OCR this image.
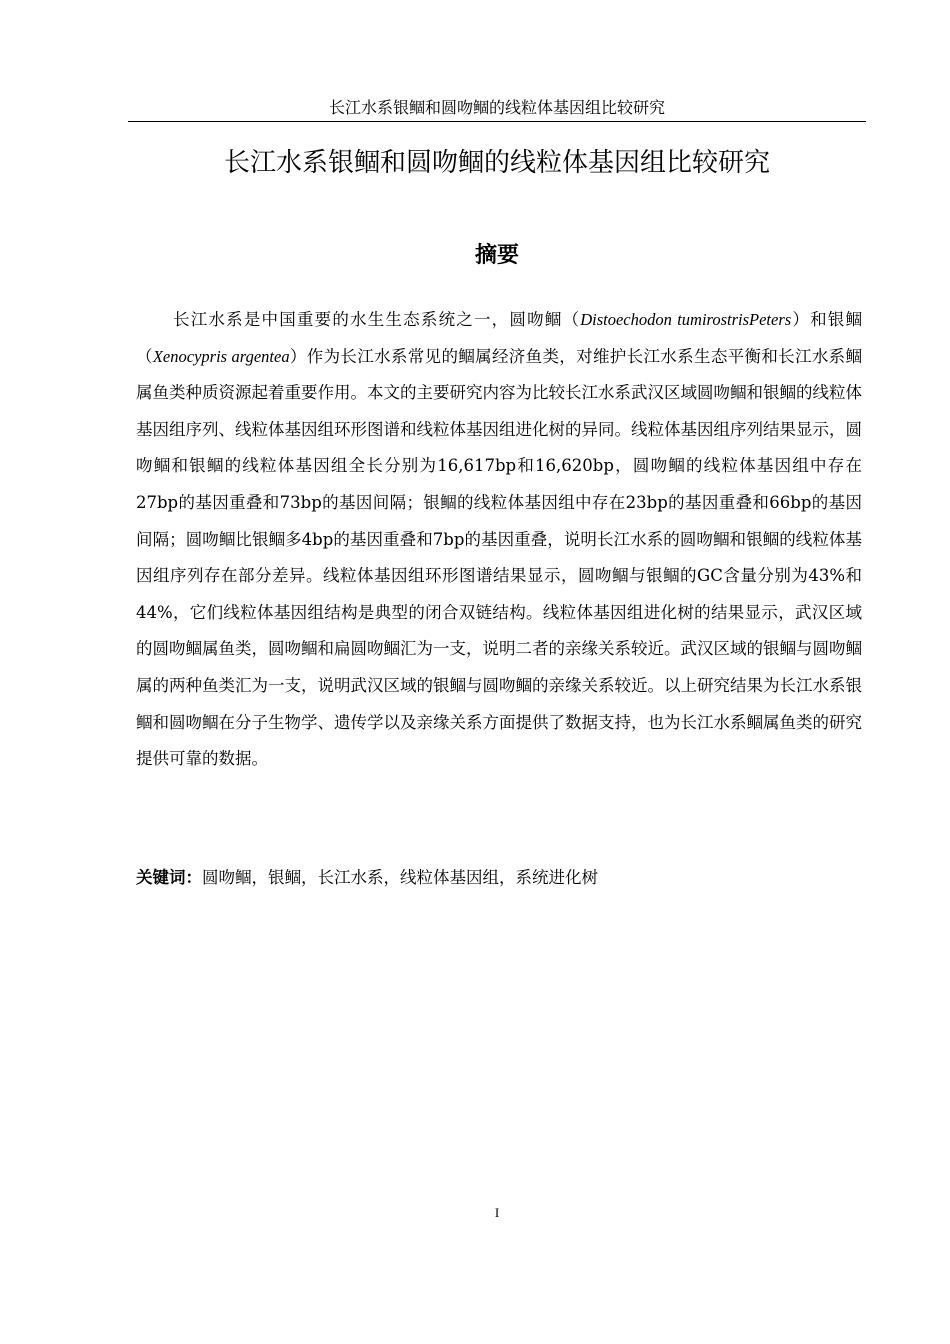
长江水系银鲴和圆吻鲴的线粒体基因组比较研究
长江水系银鲴和圆吻鲴的线粒体基因组比较研究
摘要

长江水系是中国重要的水生生态系统之一，圆吻鲴（Distoechodon tumirostrisPeters）和银鲴（Xenocypris argentea）作为长江水系常见的鲴属经济鱼类，对维护长江水系生态平衡和长江水系鲴属鱼类种质资源起着重要作用。本文的主要研究内容为比较长江水系武汉区域圆吻鲴和银鲴的线粒体基因组序列、线粒体基因组环形图谱和线粒体基因组进化树的异同。线粒体基因组序列结果显示，圆吻鲴和银鲴的线粒体基因组全长分别为16,617bp和16,620bp，圆吻鲴的线粒体基因组中存在27bp的基因重叠和73bp的基因间隔；银鲴的线粒体基因组中存在23bp的基因重叠和66bp的基因间隔；圆吻鲴比银鲴多4bp的基因重叠和7bp的基因重叠，说明长江水系的圆吻鲴和银鲴的线粒体基因组序列存在部分差异。线粒体基因组环形图谱结果显示，圆吻鲴与银鲴的GC含量分别为43%和44%，它们线粒体基因组结构是典型的闭合双链结构。线粒体基因组进化树的结果显示，武汉区域的圆吻鲴属鱼类，圆吻鲴和扁圆吻鲴汇为一支，说明二者的亲缘关系较近。武汉区域的银鲴与圆吻鲴属的两种鱼类汇为一支，说明武汉区域的银鲴与圆吻鲴的亲缘关系较近。以上研究结果为长江水系银鲴和圆吻鲴在分子生物学、遗传学以及亲缘关系方面提供了数据支持，也为长江水系鲴属鱼类的研究提供可靠的数据。

关键词：圆吻鲴，银鲴，长江水系，线粒体基因组，系统进化树

I
